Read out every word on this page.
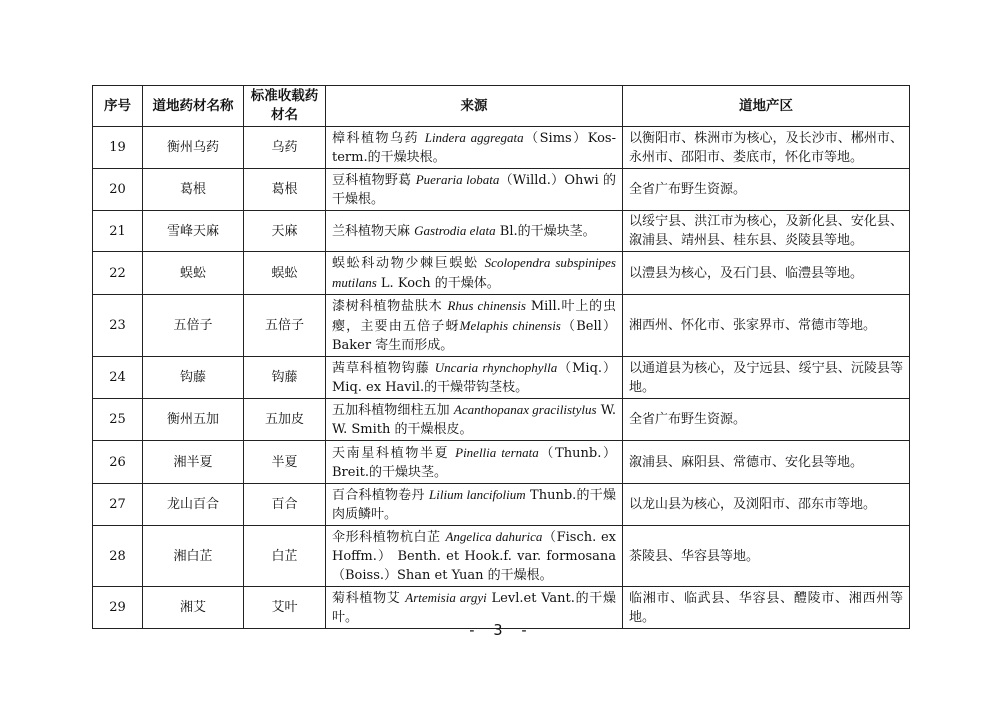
序号	道地药材名称	标准收载药材名	来源	道地产区
19	衡州乌药	乌药	樟科植物乌药 Lindera aggregata（Sims）Kos-term.的干燥块根。	以衡阳市、株洲市为核心，及长沙市、郴州市、永州市、邵阳市、娄底市，怀化市等地。
20	葛根	葛根	豆科植物野葛 Pueraria lobata（Willd.）Ohwi 的干燥根。	全省广布野生资源。
21	雪峰天麻	天麻	兰科植物天麻 Gastrodia elata Bl.的干燥块茎。	以绥宁县、洪江市为核心，及新化县、安化县、溆浦县、靖州县、桂东县、炎陵县等地。
22	蜈蚣	蜈蚣	蜈蚣科动物少棘巨蜈蚣 Scolopendra subspinipes mutilans L. Koch 的干燥体。	以澧县为核心，及石门县、临澧县等地。
23	五倍子	五倍子	漆树科植物盐肤木 Rhus chinensis Mill.叶上的虫瘿，主要由五倍子蚜Melaphis chinensis（Bell）Baker 寄生而形成。	湘西州、怀化市、张家界市、常德市等地。
24	钩藤	钩藤	茜草科植物钩藤 Uncaria rhynchophylla（Miq.）Miq. ex Havil.的干燥带钩茎枝。	以通道县为核心，及宁远县、绥宁县、沅陵县等地。
25	衡州五加	五加皮	五加科植物细柱五加 Acanthopanax gracilistylus W. W. Smith 的干燥根皮。	全省广布野生资源。
26	湘半夏	半夏	天南星科植物半夏 Pinellia ternata（Thunb.）Breit.的干燥块茎。	溆浦县、麻阳县、常德市、安化县等地。
27	龙山百合	百合	百合科植物卷丹 Lilium lancifolium Thunb.的干燥肉质鳞叶。	以龙山县为核心，及浏阳市、邵东市等地。
28	湘白芷	白芷	伞形科植物杭白芷 Angelica dahurica（Fisch. ex Hoffm.） Benth. et Hook.f. var. formosana（Boiss.）Shan et Yuan 的干燥根。	茶陵县、华容县等地。
29	湘艾	艾叶	菊科植物艾 Artemisia argyi Levl.et Vant.的干燥叶。	临湘市、临武县、华容县、醴陵市、湘西州等地。
- 3 -
